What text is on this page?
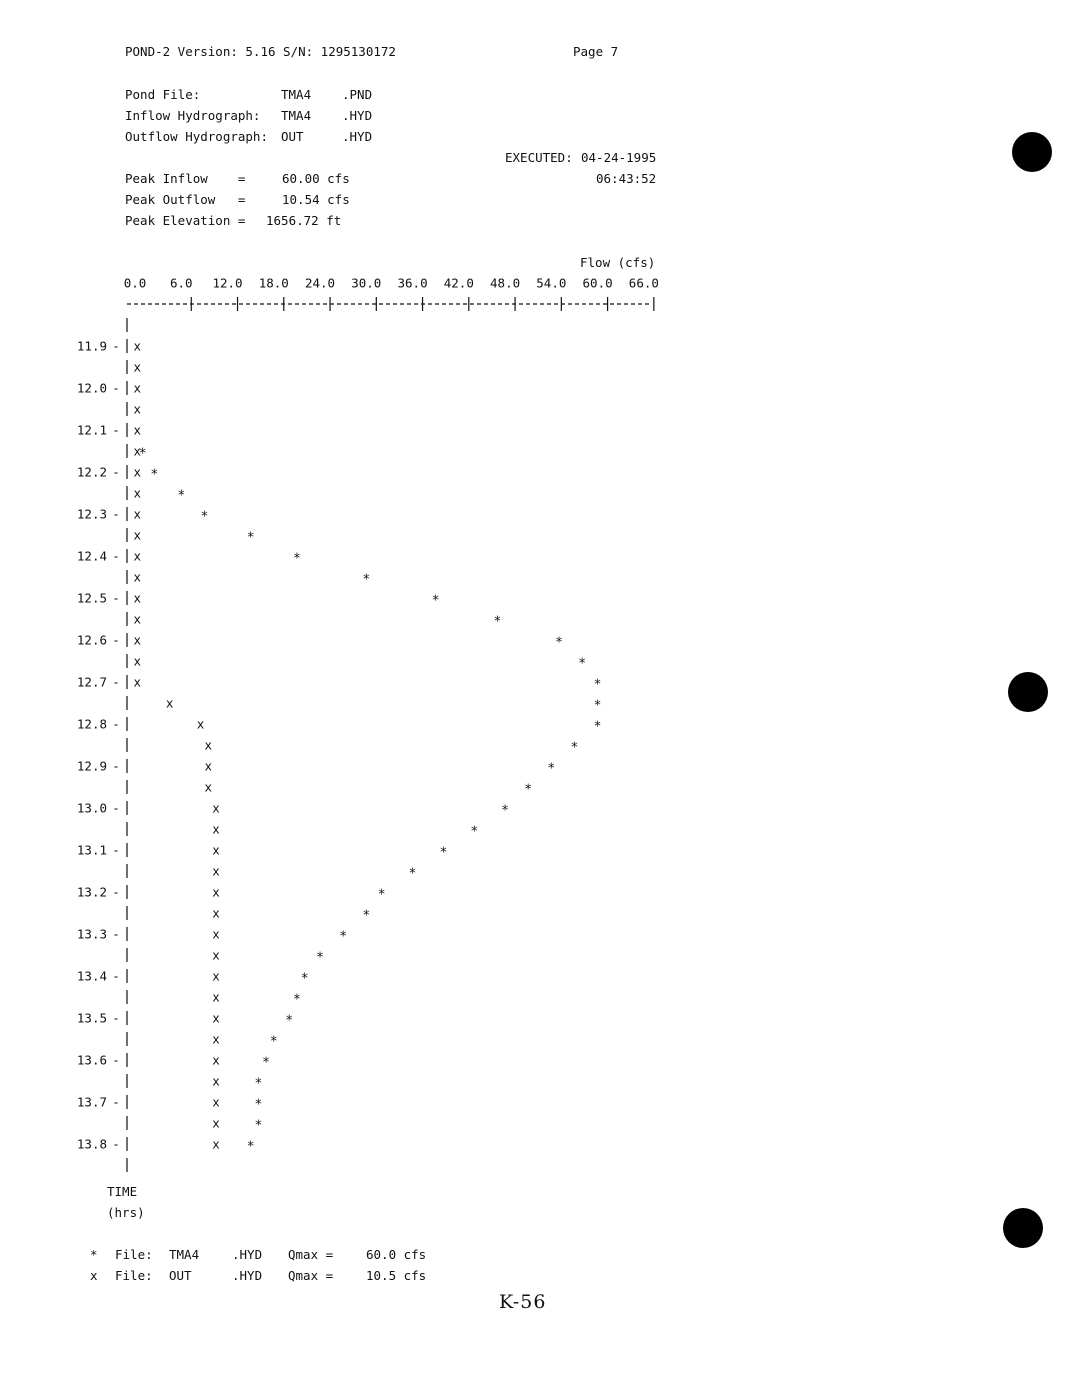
POND-2 Version: 5.16 S/N: 1295130172	Page 7
Pond File:	TMA4 .PND
Inflow Hydrograph: TMA4 .HYD
Outflow Hydrograph: OUT	.HYD
EXECUTED: 04-24-1995
06:43:52
Peak Inflow    =	60.00 cfs
Peak Outflow   =	10.54 cfs
Peak Elevation = 1656.72 ft
0.0 6.0 12.0 18.0 24.0 30.0 36.0 42.0 48.0 54.0 60.0 66.0
11.9 -
12.0 -
12.1 -
12.2 -
12.3 -
12.4 -
12.5 -
12.6 -
12.7 -
12.8 -
12.9 -
13.0 -
13.1 -
13.2 -
13.3 -
13.4 -
13.5 -
13.6 -
13.7 -
13.8 -
*
*
*
*
*
*
*
*
*
*
*
*
*
*
*
*
*
*
*
*
*
*
*
*
*
*
*
*
*
*
*
*
*
*
x
x
x
x
x
x
x
x
x
x
x
x
x
x
x
x
x
x
x
x
x
x
x
x
x
x
x
x
x
x
x
x
x
x
x
x
x
x
x
Flow (cfs)
TIME
(hrs)
* File: TMA4	.HYD Qmax =	60.0 cfs
x File: OUT	.HYD Qmax =	10.5 cfs
K-56
